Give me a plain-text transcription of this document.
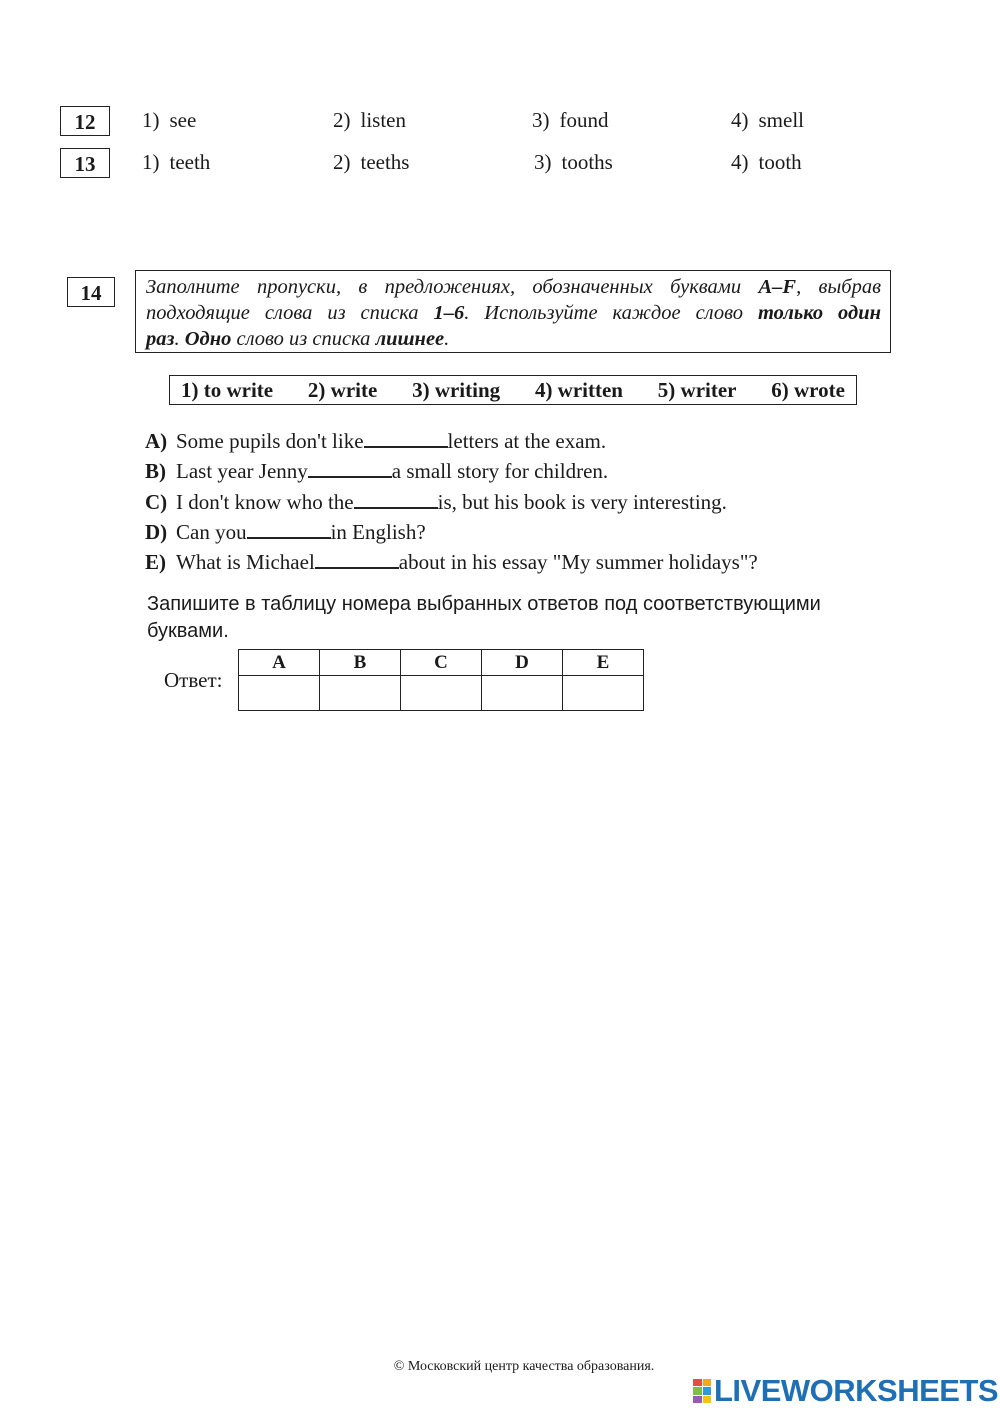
12	1) see	2) listen	3) found	4) smell
13	1) teeth	2) teeths	3) tooths	4) tooth
14	Заполните пропуски, в предложениях, обозначенных буквами A–F, выбрав
подходящие слова из списка 1–6. Используйте каждое слово только один
раз. Одно слово из списка лишнее.
1) to write 2) write 3) writing 4) written 5) writer 6) wrote
A) Some pupils don't like	letters at the exam.
B) Last year Jenny	a small story for children.
C) I don't know who the	is, but his book is very interesting.
D) Can you	in English?
E) What is Michael	about in his essay "My summer holidays"?
Запишите в таблицу номера выбранных ответов под соответствующими буквами.
Ответ:
A	B	C	D	E

© Московский центр качества образования.
LIVEWORKSHEETS
